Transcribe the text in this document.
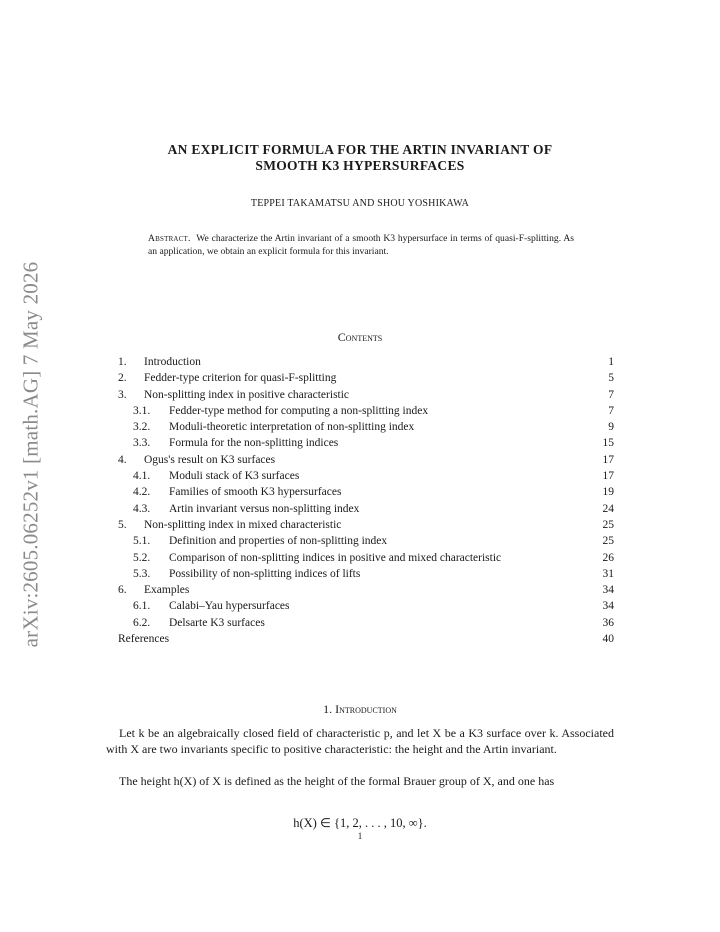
arXiv:2605.06252v1 [math.AG] 7 May 2026
AN EXPLICIT FORMULA FOR THE ARTIN INVARIANT OF
SMOOTH K3 HYPERSURFACES
TEPPEI TAKAMATSU AND SHOU YOSHIKAWA
Abstract. We characterize the Artin invariant of a smooth K3 hypersurface in terms of quasi-F-splitting. As an application, we obtain an explicit formula for this invariant.
Contents
1. Introduction	1
2. Fedder-type criterion for quasi-F-splitting	5
3. Non-splitting index in positive characteristic	7
3.1. Fedder-type method for computing a non-splitting index	7
3.2. Moduli-theoretic interpretation of non-splitting index	9
3.3. Formula for the non-splitting indices	15
4. Ogus's result on K3 surfaces	17
4.1. Moduli stack of K3 surfaces	17
4.2. Families of smooth K3 hypersurfaces	19
4.3. Artin invariant versus non-splitting index	24
5. Non-splitting index in mixed characteristic	25
5.1. Definition and properties of non-splitting index	25
5.2. Comparison of non-splitting indices in positive and mixed characteristic	26
5.3. Possibility of non-splitting indices of lifts	31
6. Examples	34
6.1. Calabi–Yau hypersurfaces	34
6.2. Delsarte K3 surfaces	36
References	40
1. Introduction
Let k be an algebraically closed field of characteristic p, and let X be a K3 surface over k. Associated with X are two invariants specific to positive characteristic: the height and the Artin invariant.
The height h(X) of X is defined as the height of the formal Brauer group of X, and one has
h(X) ∈ {1, 2, . . . , 10, ∞}.
1
